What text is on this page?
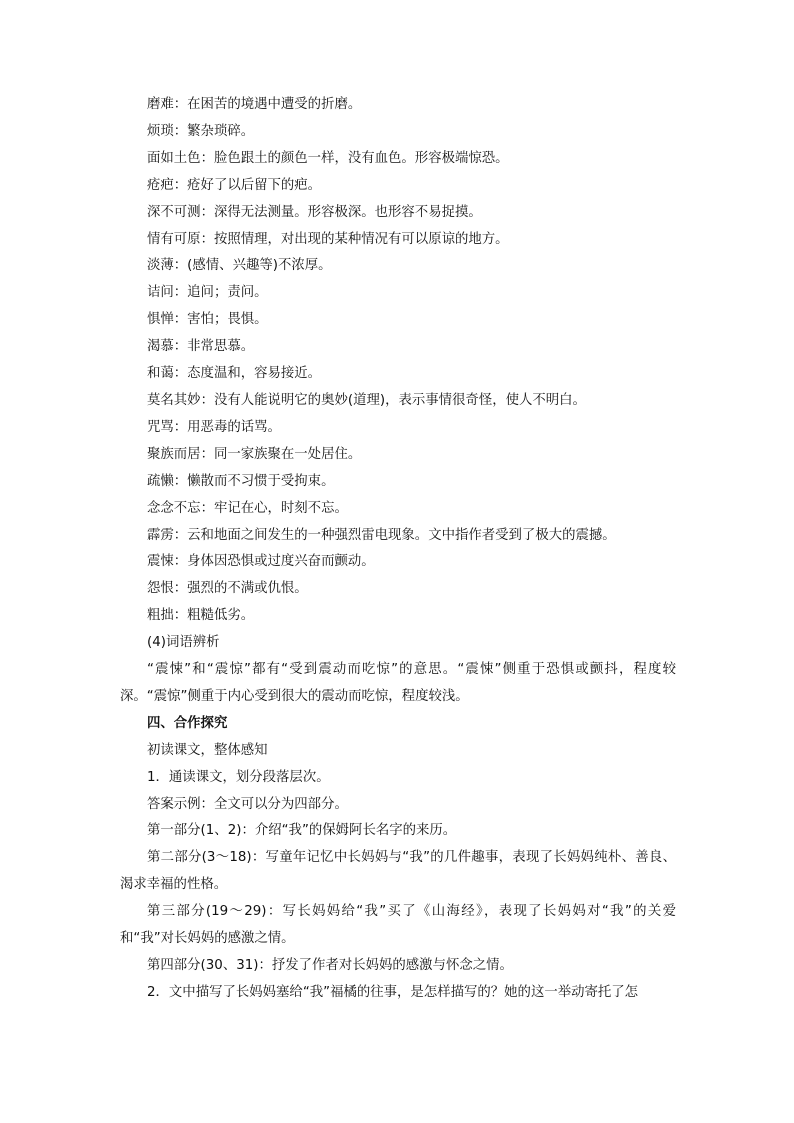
磨难：在困苦的境遇中遭受的折磨。
烦琐：繁杂琐碎。
面如土色：脸色跟土的颜色一样，没有血色。形容极端惊恐。
疮疤：疮好了以后留下的疤。
深不可测：深得无法测量。形容极深。也形容不易捉摸。
情有可原：按照情理，对出现的某种情况有可以原谅的地方。
淡薄：(感情、兴趣等)不浓厚。
诘问：追问；责问。
惧惮：害怕；畏惧。
渴慕：非常思慕。
和蔼：态度温和，容易接近。
莫名其妙：没有人能说明它的奥妙(道理)，表示事情很奇怪，使人不明白。
咒骂：用恶毒的话骂。
聚族而居：同一家族聚在一处居住。
疏懒：懒散而不习惯于受拘束。
念念不忘：牢记在心，时刻不忘。
霹雳：云和地面之间发生的一种强烈雷电现象。文中指作者受到了极大的震撼。
震悚：身体因恐惧或过度兴奋而颤动。
怨恨：强烈的不满或仇恨。
粗拙：粗糙低劣。
(4)词语辨析
“震悚”和“震惊”都有“受到震动而吃惊”的意思。“震悚”侧重于恐惧或颤抖，程度较深。“震惊”侧重于内心受到很大的震动而吃惊，程度较浅。
四、合作探究
初读课文，整体感知
1．通读课文，划分段落层次。
答案示例：全文可以分为四部分。
第一部分(1、2)：介绍“我”的保姆阿长名字的来历。
第二部分(3～18)：写童年记忆中长妈妈与“我”的几件趣事，表现了长妈妈纯朴、善良、渴求幸福的性格。
第三部分(19～29)：写长妈妈给“我”买了《山海经》，表现了长妈妈对“我”的关爱和“我”对长妈妈的感激之情。
第四部分(30、31)：抒发了作者对长妈妈的感激与怀念之情。
2．文中描写了长妈妈塞给“我”福橘的往事，是怎样描写的？她的这一举动寄托了怎
